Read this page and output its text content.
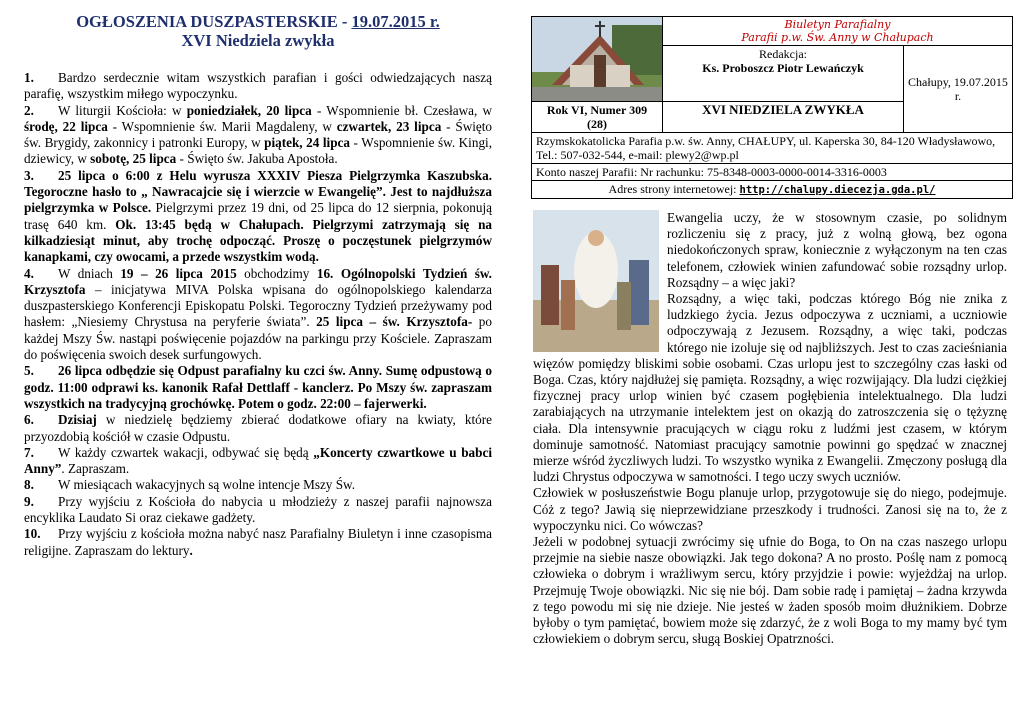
OGŁOSZENIA DUSZPASTERSKIE - 19.07.2015 r.
XVI Niedziela zwykła

1. Bardzo serdecznie witam wszystkich parafian i gości odwiedzających naszą parafię, wszystkim miłego wypoczynku.

2. W liturgii Kościoła: w poniedziałek, 20 lipca - Wspomnienie bł. Czesława, w środę, 22 lipca - Wspomnienie św. Marii Magdaleny, w czwartek, 23 lipca - Święto św. Brygidy, zakonnicy i patronki Europy, w piątek, 24 lipca - Wspomnienie św. Kingi, dziewicy, w sobotę, 25 lipca - Święto św. Jakuba Apostoła.

3. 25 lipca o 6:00 z Helu wyrusza XXXIV Piesza Pielgrzymka Kaszubska. Tegoroczne hasło to „ Nawracajcie się i wierzcie w Ewangelię”. Jest to najdłuższa pielgrzymka w Polsce. Pielgrzymi przez 19 dni, od 25 lipca do 12 sierpnia, pokonują trasę 640 km. Ok. 13:45 będą w Chałupach. Pielgrzymi zatrzymają się na kilkadziesiąt minut, aby trochę odpocząć. Proszę o poczęstunek pielgrzymów kanapkami, czy owocami, a przede wszystkim wodą.

4. W dniach 19 – 26 lipca 2015 obchodzimy 16. Ogólnopolski Tydzień św. Krzysztofa – inicjatywa MIVA Polska wpisana do ogólnopolskiego kalendarza duszpasterskiego Konferencji Episkopatu Polski. Tegoroczny Tydzień przeżywamy pod hasłem: „Niesiemy Chrystusa na peryferie świata”. 25 lipca – św. Krzysztofa- po każdej Mszy Św. nastąpi poświęcenie pojazdów na parkingu przy Kościele. Zapraszam do poświęcenia swoich desek surfungowych.

5. 26 lipca odbędzie się Odpust parafialny ku czci św. Anny. Sumę odpustową o godz. 11:00 odprawi ks. kanonik Rafał Dettlaff - kanclerz. Po Mszy św. zapraszam wszystkich na tradycyjną grochówkę. Potem o godz. 22:00 – fajerwerki.

6. Dzisiaj w niedzielę będziemy zbierać dodatkowe ofiary na kwiaty, które przyozdobią kościół w czasie Odpustu.

7. W każdy czwartek wakacji, odbywać się będą „Koncerty czwartkowe u babci Anny”. Zapraszam.

8. W miesiącach wakacyjnych są wolne intencje Mszy Św.

9. Przy wyjściu z Kościoła do nabycia u młodzieży z naszej parafii najnowsza encyklika Laudato Si oraz ciekawe gadżety.

10. Przy wyjściu z kościoła można nabyć nasz Parafialny Biuletyn i inne czasopisma religijne. Zapraszam do lektury.

Biuletyn Parafialny
Parafii p.w. Św. Anny w Chałupach	

	Redakcja:
Ks. Proboszcz Piotr Lewańczyk	Chałupy, 19.07.2015 r.
Rok VI, Numer 309 (28)	XVI NIEDZIELA ZWYKŁA	
Rzymskokatolicka Parafia p.w. św. Anny, CHAŁUPY, ul. Kaperska 30, 84-120 Władysławowo, Tel.: 507-032-544, e-mail: plewy2@wp.pl		
Konto naszej Parafii: Nr rachunku: 75-8348-0003-0000-0014-3316-0003		
Adres strony internetowej: http://chalupy.diecezja.gda.pl/		

Ewangelia uczy, że w stosownym czasie, po solidnym rozliczeniu się z pracy, już z wolną głową, bez ogona niedokończonych spraw, koniecznie z wyłączonym na ten czas telefonem, człowiek winien zafundować sobie rozsądny urlop. Rozsądny – a więc jaki?

Rozsądny, a więc taki, podczas którego Bóg nie znika z ludzkiego życia. Jezus odpoczywa z uczniami, a uczniowie odpoczywają z Jezusem. Rozsądny, a więc taki, podczas którego nie izoluje się od najbliższych. Jest to czas zacieśniania więzów pomiędzy bliskimi sobie osobami. Czas urlopu jest to szczególny czas łaski od Boga. Czas, który najdłużej się pamięta. Rozsądny, a więc rozwijający. Dla ludzi ciężkiej fizycznej pracy urlop winien być czasem pogłębienia intelektualnego. Dla ludzi zarabiających na utrzymanie intelektem jest on okazją do zatroszczenia się o tężyznę ciała. Dla intensywnie pracujących w ciągu roku z ludźmi jest czasem, w którym dominuje samotność. Natomiast pracujący samotnie powinni go spędzać w znacznej mierze wśród życzliwych ludzi. To wszystko wynika z Ewangelii. Zmęczony posługą dla ludzi Chrystus odpoczywa w samotności. I tego uczy swych uczniów.

Człowiek w posłuszeństwie Bogu planuje urlop, przygotowuje się do niego, podejmuje. Cóż z tego? Jawią się nieprzewidziane przeszkody i trudności. Zanosi się na to, że z wypoczynku nici. Co wówczas?

Jeżeli w podobnej sytuacji zwrócimy się ufnie do Boga, to On na czas naszego urlopu przejmie na siebie nasze obowiązki. Jak tego dokona? A no prosto. Poślę nam z pomocą człowieka o dobrym i wrażliwym sercu, który przyjdzie i powie: wyjeżdżaj na urlop. Przejmuję Twoje obowiązki. Nic się nie bój. Dam sobie radę i pamiętaj – żadna krzywda z tego powodu mi się nie dzieje. Nie jesteś w żaden sposób moim dłużnikiem. Dobrze byłoby o tym pamiętać, bowiem może się zdarzyć, że z woli Boga to my mamy być tym człowiekiem o dobrym sercu, sługą Boskiej Opatrzności.
